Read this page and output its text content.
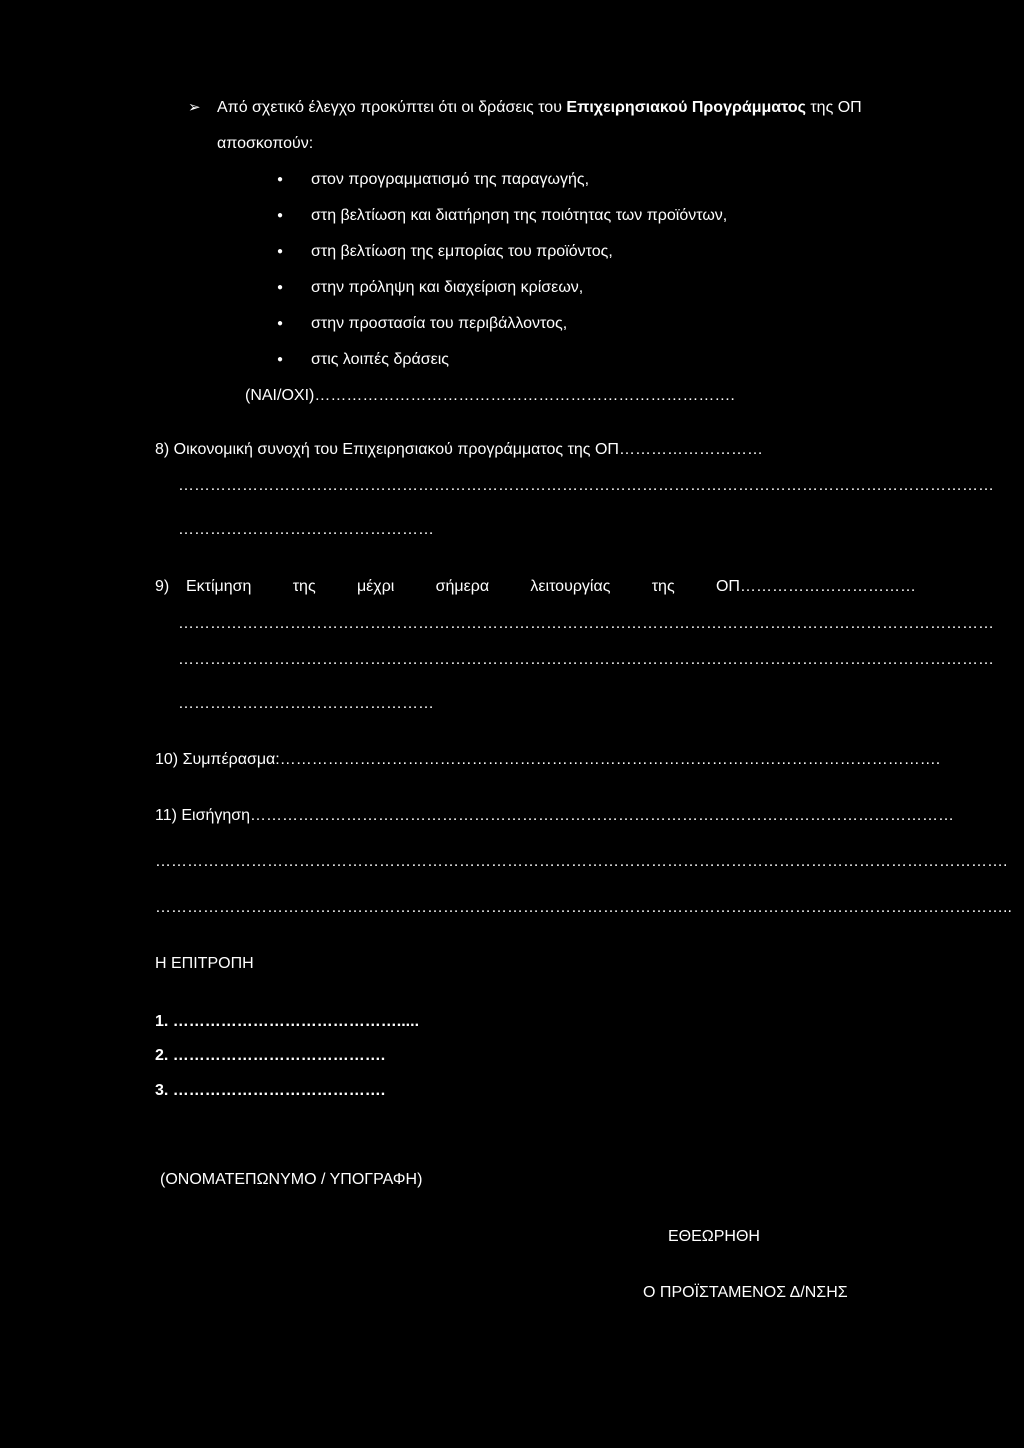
➢ Από σχετικό έλεγχο προκύπτει ότι οι δράσεις του Επιχειρησιακού Προγράμματος της ΟΠ
αποσκοπούν:
● στον προγραμματισμό της παραγωγής,
● στη βελτίωση και διατήρηση της ποιότητας των προϊόντων,
● στη βελτίωση της εμπορίας του προϊόντος,
● στην πρόληψη και διαχείριση κρίσεων,
● στην προστασία του περιβάλλοντος,
● στις λοιπές δράσεις
(ΝΑΙ/ΟΧΙ)…………………………………………………………………….
8) Οικονομική συνοχή του Επιχειρησιακού προγράμματος της ΟΠ………………………
………………………………………………………………………………………………………………………………………
…………………………………………
9) Εκτίμηση	της	μέχρι	σήμερα	λειτουργίας	της	ΟΠ……………………………
………………………………………………………………………………………………………………………………………
………………………………………………………………………………………………………………………………………
…………………………………………
10) Συμπέρασμα:…………………………………………………………………………………………………………….
11) Εισήγηση……………………………………………………………………………………………………………………
…………………………………………………………………………………………………………………………………………….
……………………………………………………………………………………………………………………………………………..
Η ΕΠΙΤΡΟΠΗ
1. …………………………………….....
2. ………………………………….
3. ………………………………….
(ΟΝΟΜΑΤΕΠΩΝΥΜΟ / ΥΠΟΓΡΑΦΗ)
ΕΘΕΩΡΗΘΗ
Ο ΠΡΟΪΣΤΑΜΕΝΟΣ Δ/ΝΣΗΣ
